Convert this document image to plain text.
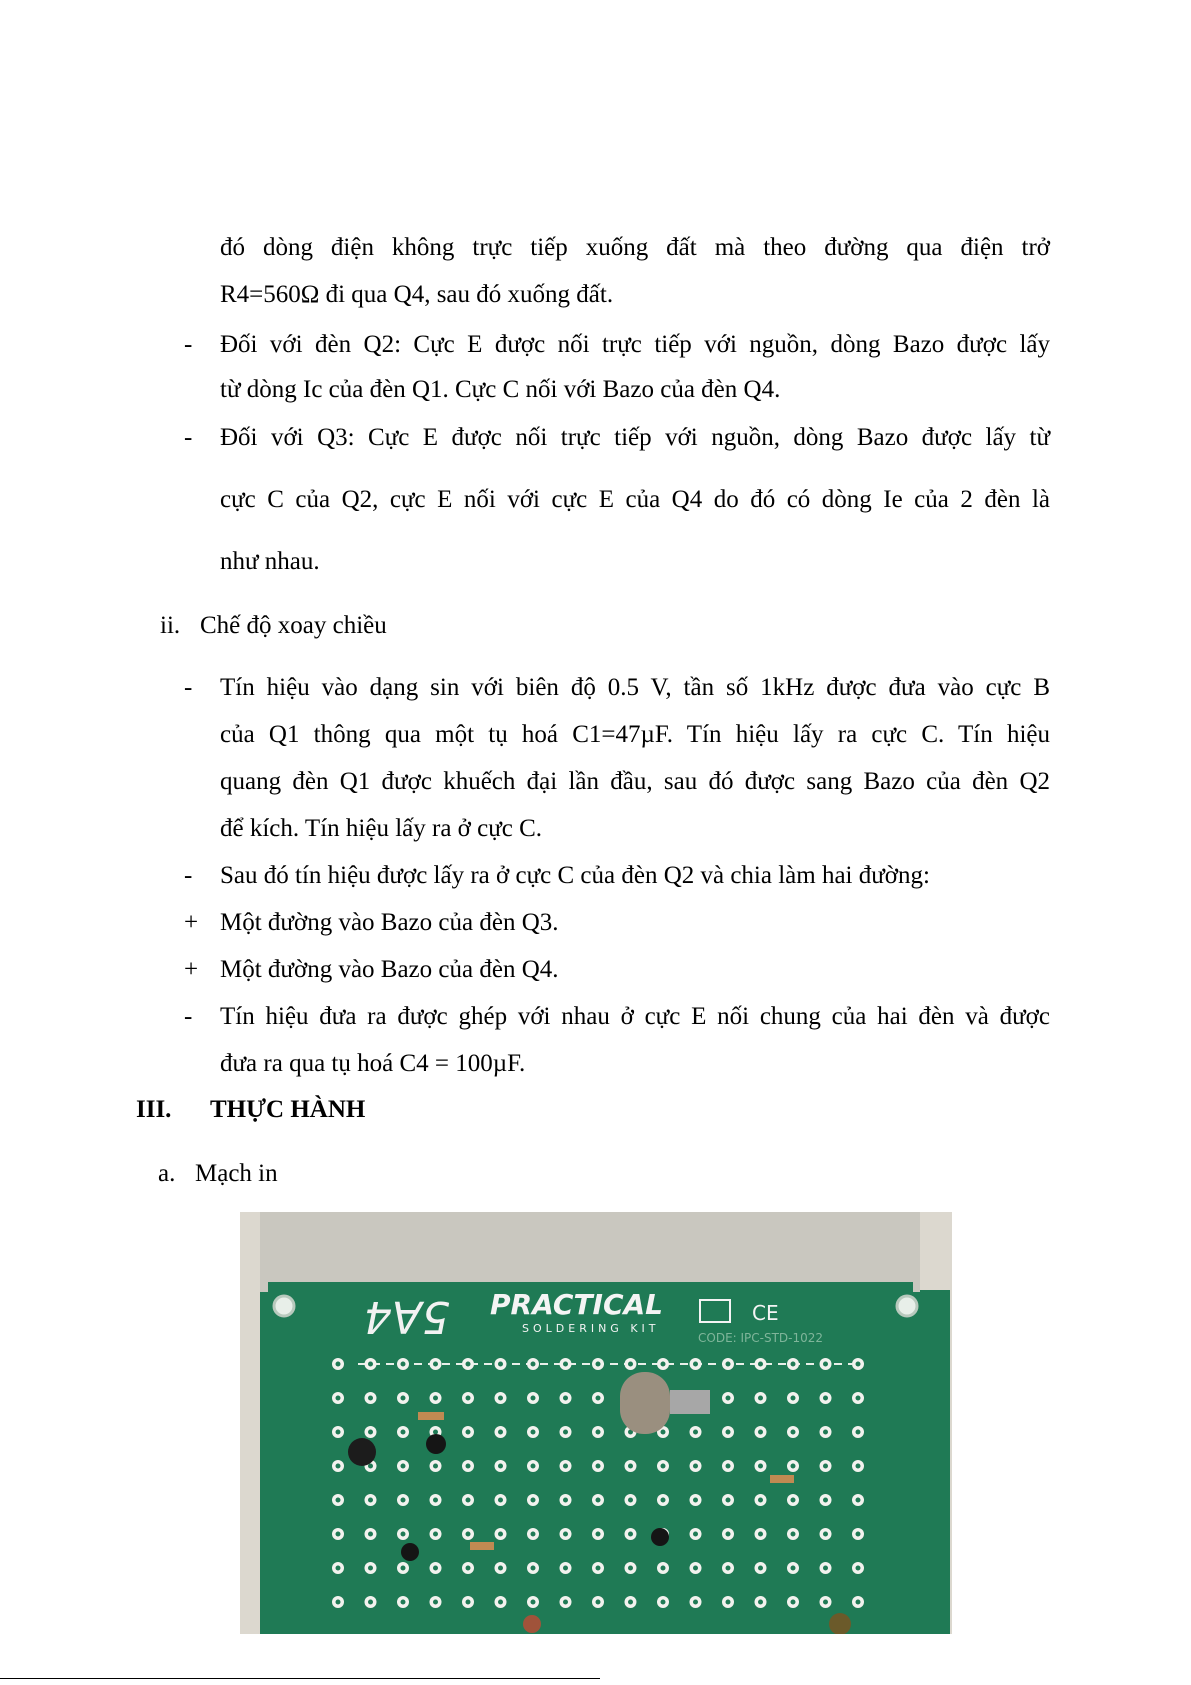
đó dòng điện không trực tiếp xuống đất mà theo đường qua điện trở
R4=560Ω đi qua Q4, sau đó xuống đất.
- Đối với đèn Q2: Cực E được nối trực tiếp với nguồn, dòng Bazo được lấy
từ dòng Ic của đèn Q1. Cực C nối với Bazo của đèn Q4.
- Đối với Q3: Cực E được nối trực tiếp với nguồn, dòng Bazo được lấy từ
cực C của Q2, cực E nối với cực E của Q4 do đó có dòng Ie của 2 đèn là
như nhau.
ii. Chế độ xoay chiều
- Tín hiệu vào dạng sin với biên độ 0.5 V, tần số 1kHz được đưa vào cực B
của Q1 thông qua một tụ hoá C1=47µF. Tín hiệu lấy ra cực C. Tín hiệu
quang đèn Q1 được khuếch đại lần đầu, sau đó được sang Bazo của đèn Q2
để kích. Tín hiệu lấy ra ở cực C.
- Sau đó tín hiệu được lấy ra ở cực C của đèn Q2 và chia làm hai đường:
+ Một đường vào Bazo của đèn Q3.
+ Một đường vào Bazo của đèn Q4.
- Tín hiệu đưa ra được ghép với nhau ở cực E nối chung của hai đèn và được
đưa ra qua tụ hoá C4 = 100µF.
III. THỰC HÀNH
a. Mạch in
5A4 PRACTICAL
SOLDERING KIT
CE
CODE: IPC-STD-1022
